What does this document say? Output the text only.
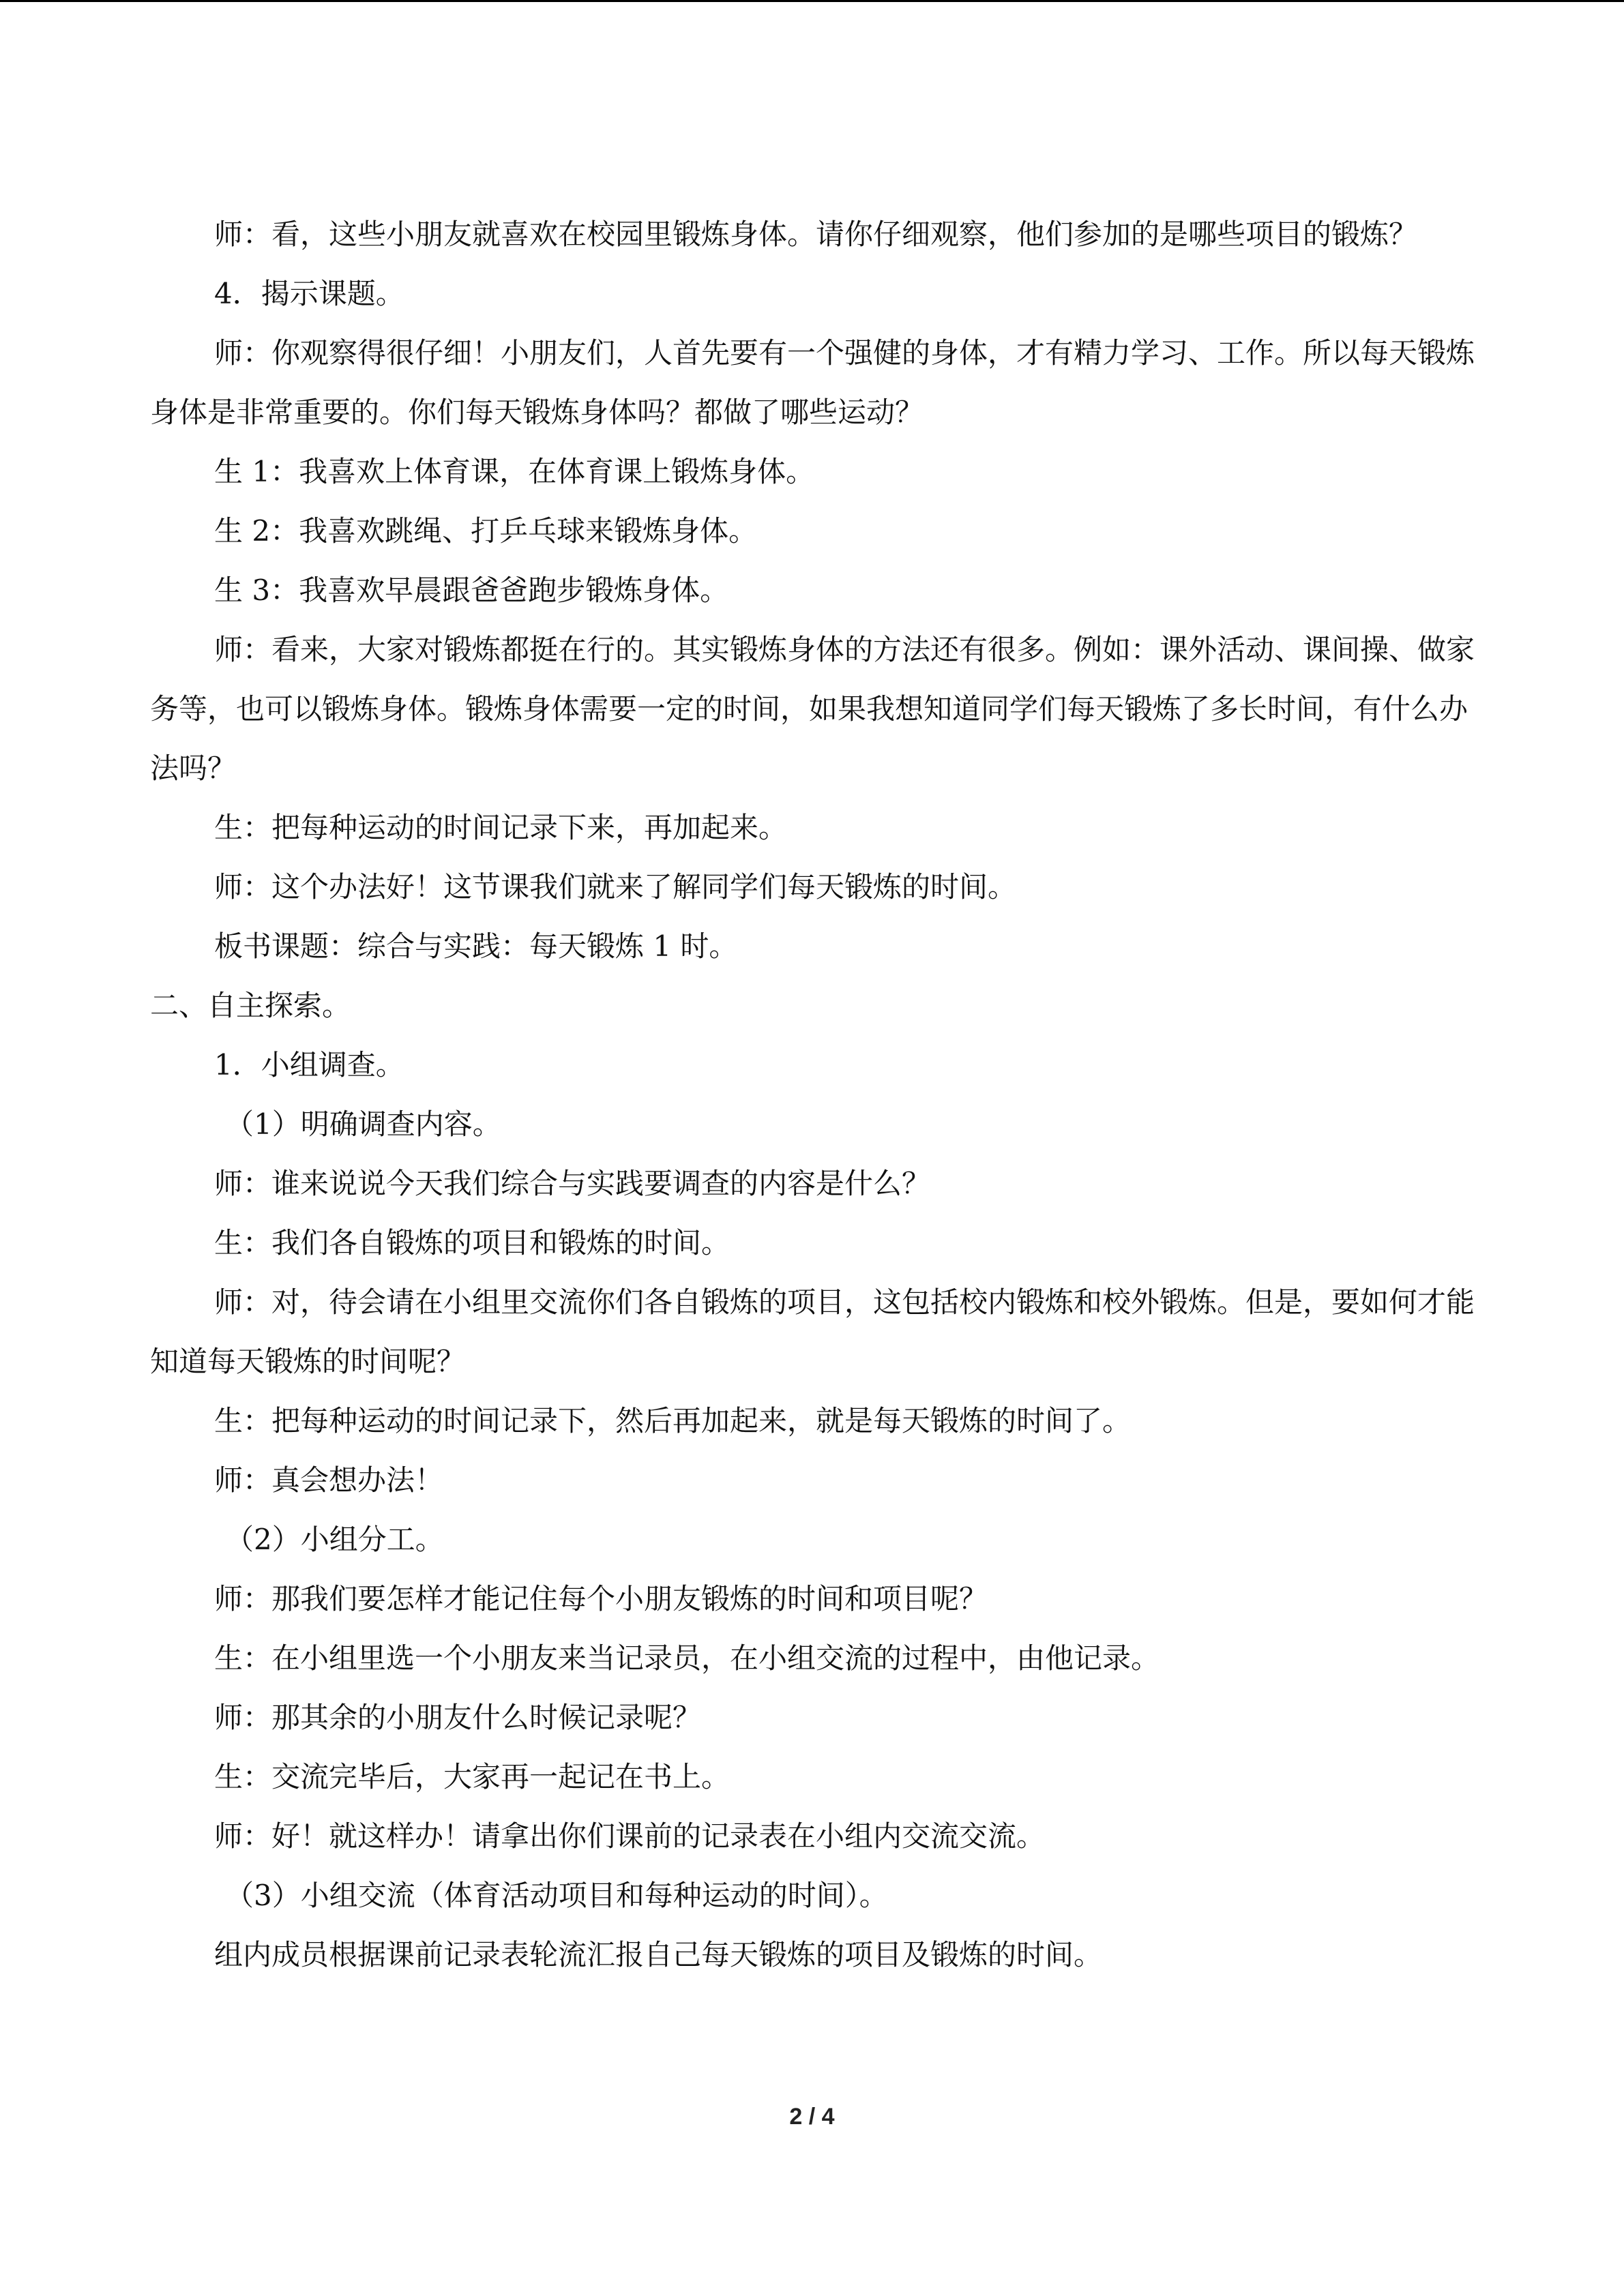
师：看，这些小朋友就喜欢在校园里锻炼身体。请你仔细观察，他们参加的是哪些项目的锻炼？

4．揭示课题。

师：你观察得很仔细！小朋友们，人首先要有一个强健的身体，才有精力学习、工作。所以每天锻炼身体是非常重要的。你们每天锻炼身体吗？都做了哪些运动？

生 1：我喜欢上体育课，在体育课上锻炼身体。

生 2：我喜欢跳绳、打乒乓球来锻炼身体。

生 3：我喜欢早晨跟爸爸跑步锻炼身体。

师：看来，大家对锻炼都挺在行的。其实锻炼身体的方法还有很多。例如：课外活动、课间操、做家务等，也可以锻炼身体。锻炼身体需要一定的时间，如果我想知道同学们每天锻炼了多长时间，有什么办法吗？

生：把每种运动的时间记录下来，再加起来。

师：这个办法好！这节课我们就来了解同学们每天锻炼的时间。

板书课题：综合与实践：每天锻炼 1 时。

二、自主探索。

1．小组调查。

（1）明确调查内容。

师：谁来说说今天我们综合与实践要调查的内容是什么？

生：我们各自锻炼的项目和锻炼的时间。

师：对，待会请在小组里交流你们各自锻炼的项目，这包括校内锻炼和校外锻炼。但是，要如何才能知道每天锻炼的时间呢？

生：把每种运动的时间记录下，然后再加起来，就是每天锻炼的时间了。

师：真会想办法！

（2）小组分工。

师：那我们要怎样才能记住每个小朋友锻炼的时间和项目呢？

生：在小组里选一个小朋友来当记录员，在小组交流的过程中，由他记录。

师：那其余的小朋友什么时候记录呢？

生：交流完毕后，大家再一起记在书上。

师：好！就这样办！请拿出你们课前的记录表在小组内交流交流。

（3）小组交流（体育活动项目和每种运动的时间）。

组内成员根据课前记录表轮流汇报自己每天锻炼的项目及锻炼的时间。

2 / 4
